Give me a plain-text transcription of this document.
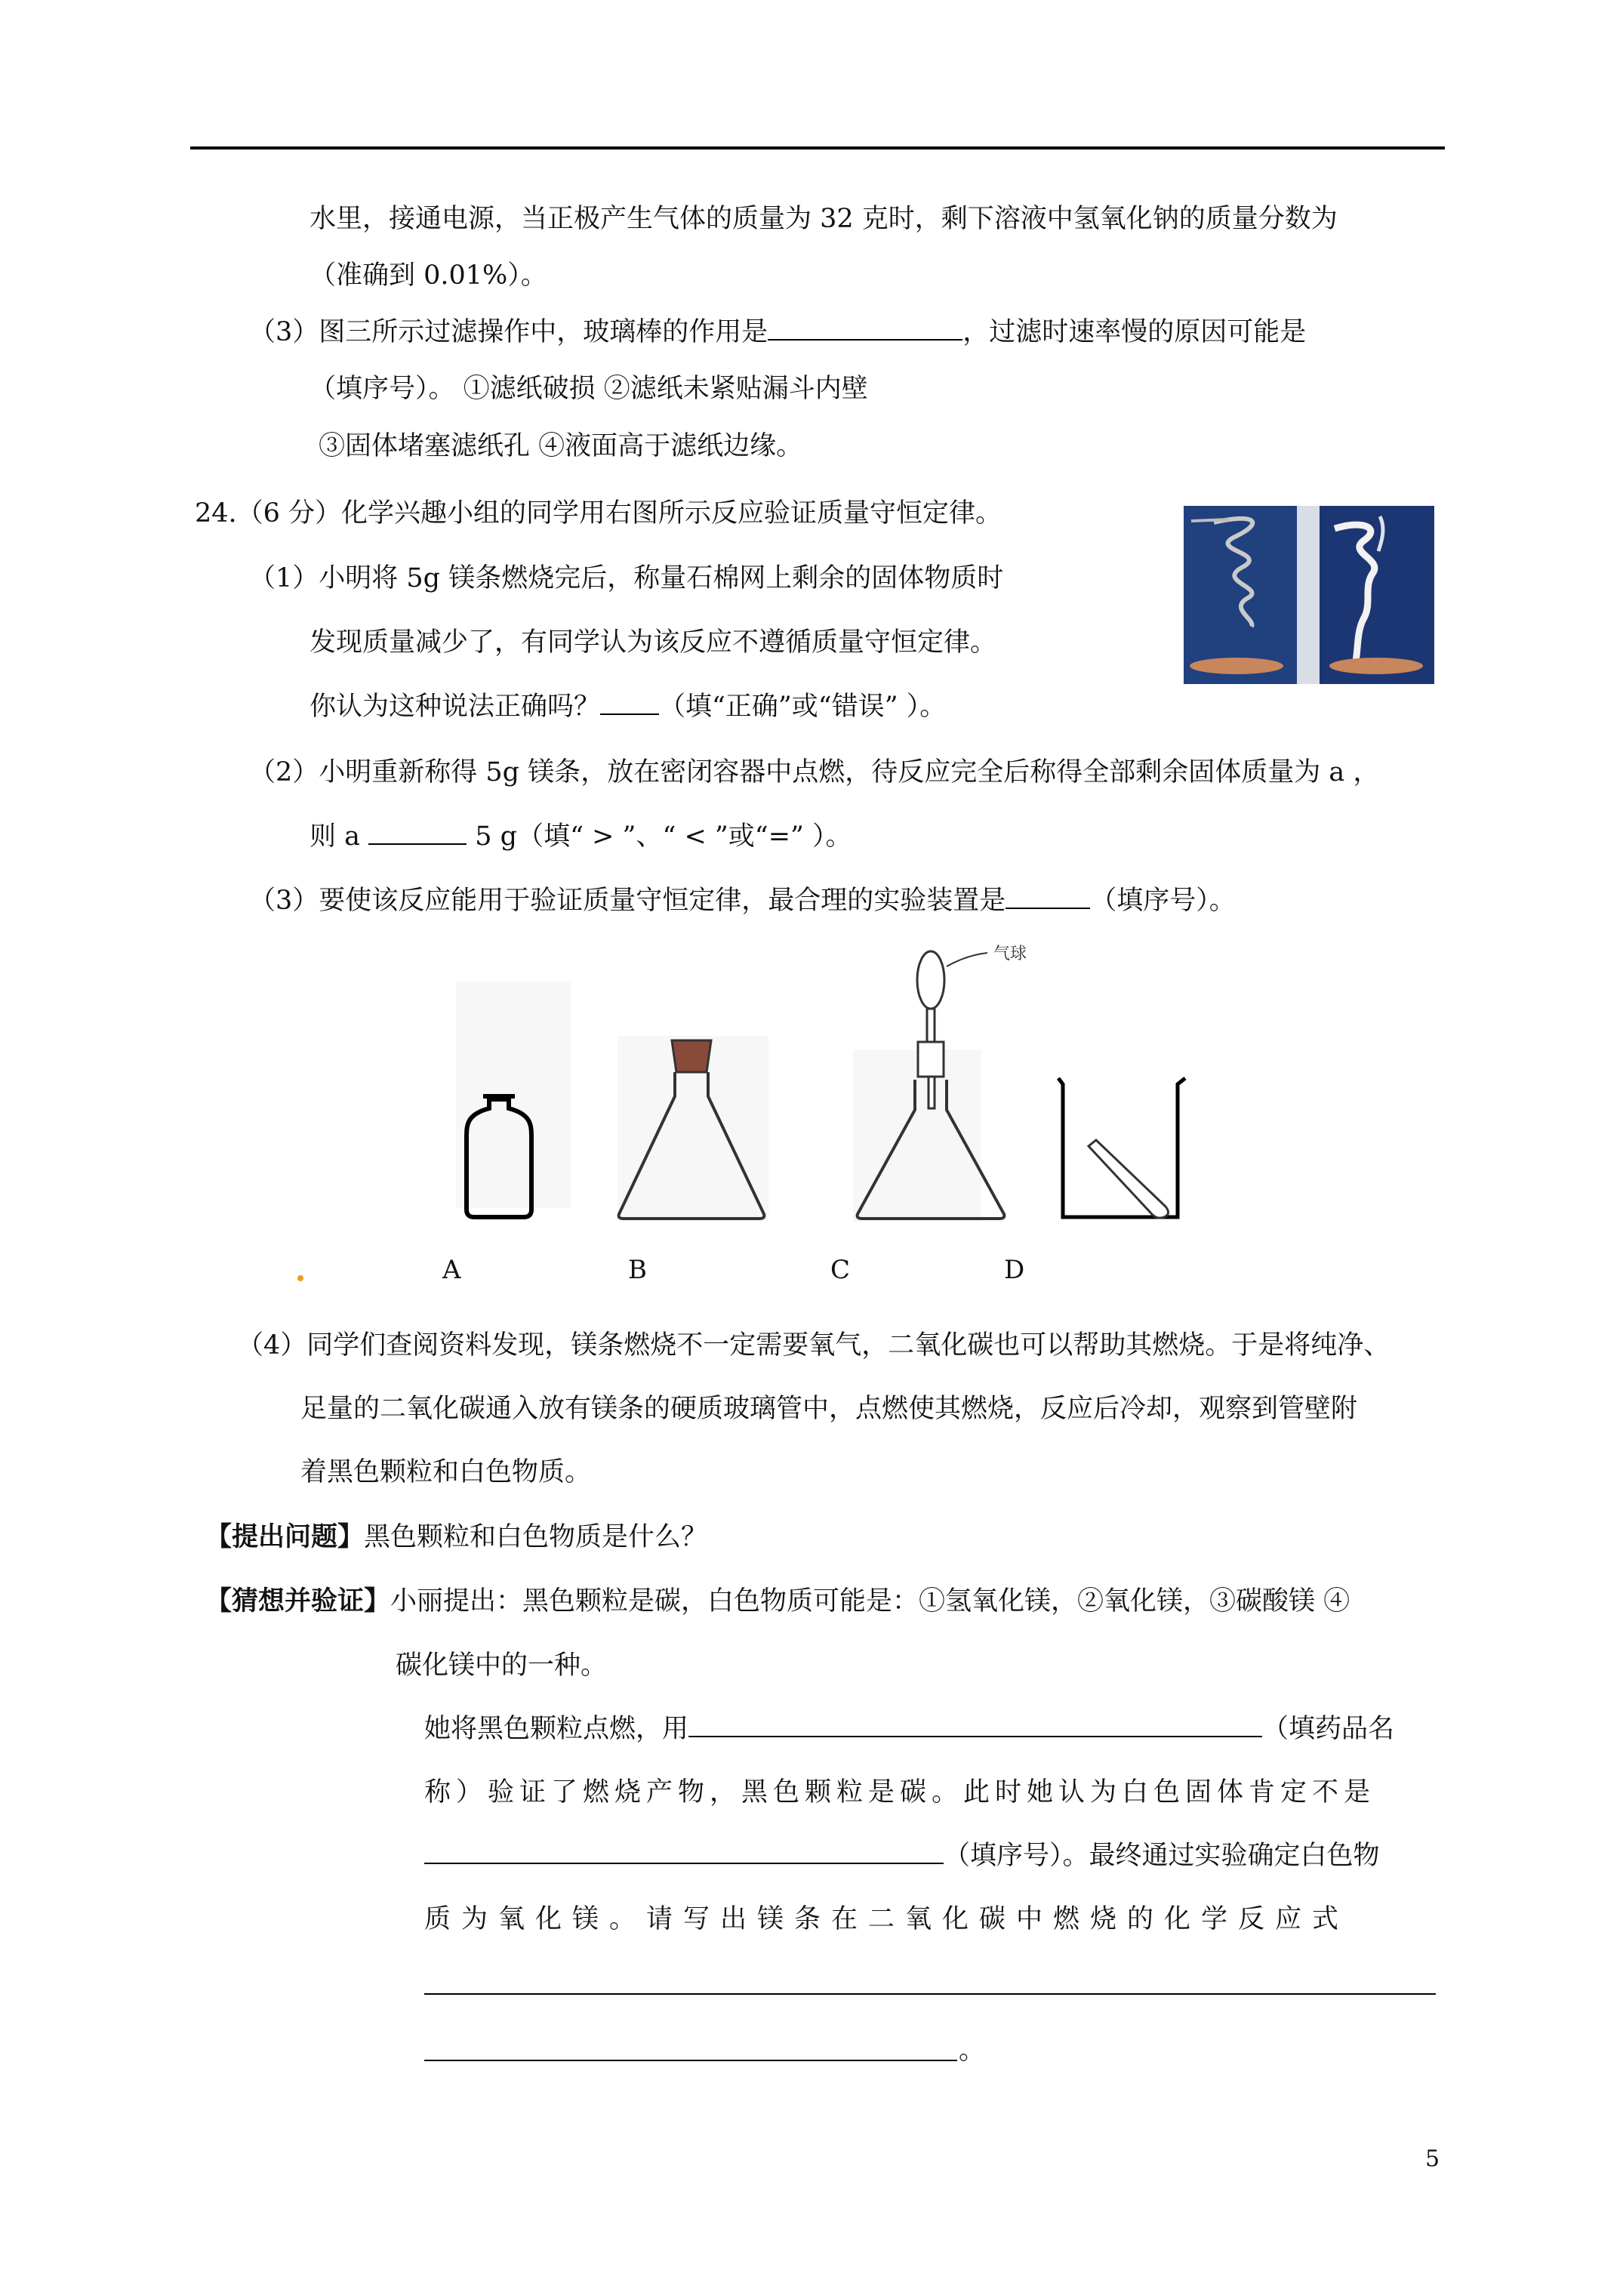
水里，接通电源，当正极产生气体的质量为 32 克时，剩下溶液中氢氧化钠的质量分数为
（准确到 0.01%）。
（3）图三所示过滤操作中，玻璃棒的作用是	，过滤时速率慢的原因可能是
（填序号）。 ①滤纸破损 ②滤纸未紧贴漏斗内壁
③固体堵塞滤纸孔 ④液面高于滤纸边缘。
24.（6 分）化学兴趣小组的同学用右图所示反应验证质量守恒定律。
（1）小明将 5g 镁条燃烧完后，称量石棉网上剩余的固体物质时
发现质量减少了，有同学认为该反应不遵循质量守恒定律。
你认为这种说法正确吗？ （填“正确”或“错误” ）。
（2）小明重新称得 5g 镁条，放在密闭容器中点燃，待反应完全后称得全部剩余固体质量为 a ，
则 a	5 g（填“ > ”、“ < ”或“=” ）。
（3）要使该反应能用于验证质量守恒定律，最合理的实验装置是	（填序号）。
气球
A	B	C	D
（4）同学们查阅资料发现，镁条燃烧不一定需要氧气，二氧化碳也可以帮助其燃烧。于是将纯净、
足量的二氧化碳通入放有镁条的硬质玻璃管中，点燃使其燃烧，反应后冷却，观察到管壁附
着黑色颗粒和白色物质。
【提出问题】黑色颗粒和白色物质是什么？
【猜想并验证】小丽提出：黑色颗粒是碳，白色物质可能是：①氢氧化镁，②氧化镁，③碳酸镁 ④
碳化镁中的一种。
她将黑色颗粒点燃，用	（填药品名
称）验证了燃烧产物，黑色颗粒是碳。此时她认为白色固体肯定不是
（填序号）。最终通过实验确定白色物
质为氧化镁。请写出镁条在二氧化碳中燃烧的化学反应式
。
5
